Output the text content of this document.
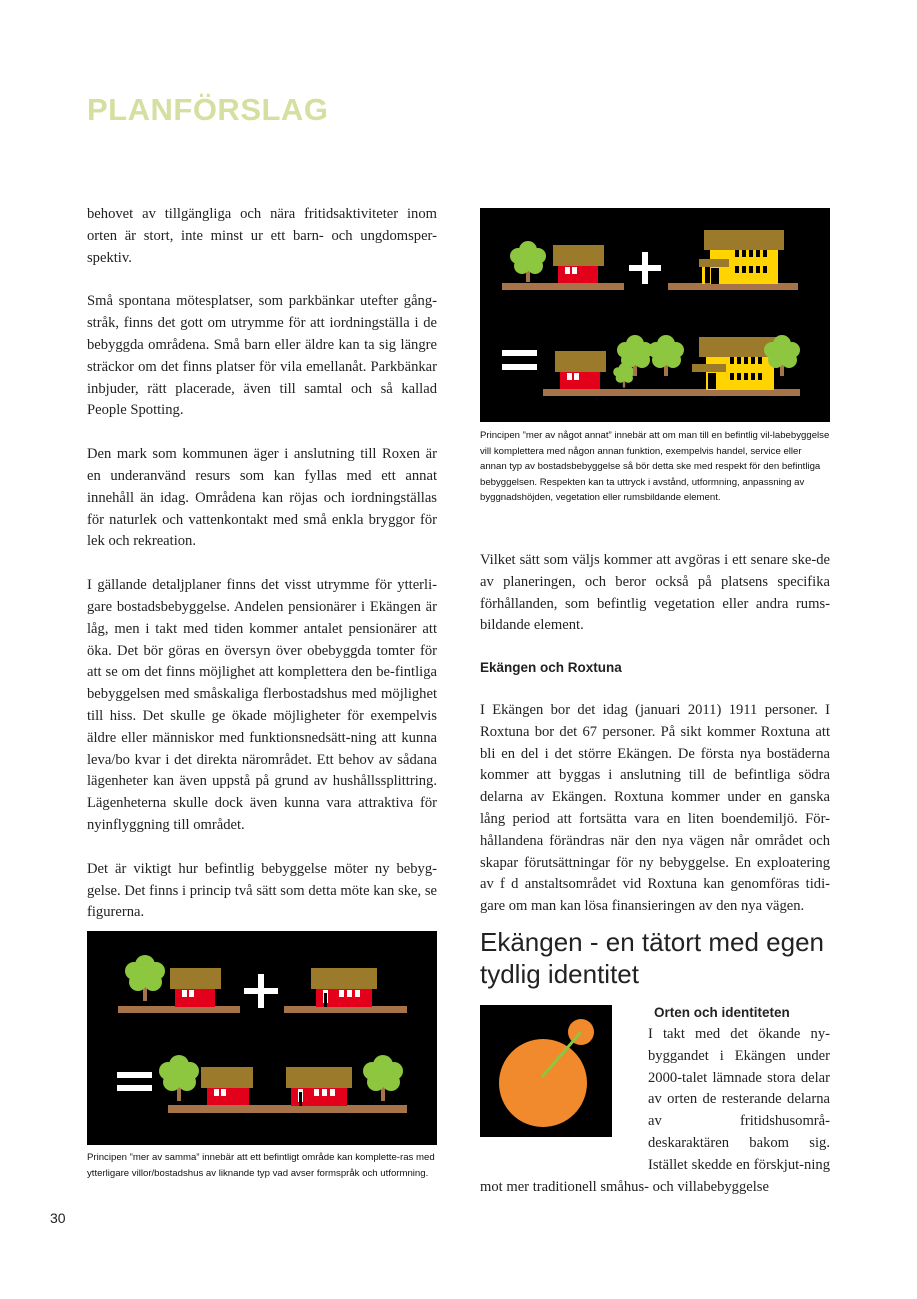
PLANFÖRSLAG

behovet av tillgängliga och nära fritidsaktiviteter inom orten är stort, inte minst ur ett barn- och ungdomsper-spektiv.

Små spontana mötesplatser, som parkbänkar utefter gång-stråk, finns det gott om utrymme för att iordningställa i de bebyggda områdena. Små barn eller äldre kan ta sig längre sträckor om det finns platser för vila emellanåt. Parkbänkar inbjuder, rätt placerade, även till samtal och så kallad People Spotting.

Den mark som kommunen äger i anslutning till Roxen är en underanvänd resurs som kan fyllas med ett annat innehåll än idag. Områdena kan röjas och iordningställas för naturlek och vattenkontakt med små enkla bryggor för lek och rekreation.

I gällande detaljplaner finns det visst utrymme för ytterli-gare bostadsbebyggelse. Andelen pensionärer i Ekängen är låg, men i takt med tiden kommer antalet pensionärer att öka. Det bör göras en översyn över obebyggda tomter för att se om det finns möjlighet att komplettera den be-fintliga bebyggelsen med småskaliga flerbostadshus med möjlighet till hiss. Det skulle ge ökade möjligheter för exempelvis äldre eller människor med funktionsnedsätt-ning att kunna leva/bo kvar i det direkta närområdet. Ett behov av sådana lägenheter kan även uppstå på grund av hushållssplittring. Lägenheterna skulle dock även kunna vara attraktiva för nyinflyggning till området.

Det är viktigt hur befintlig bebyggelse möter ny bebyg-gelse. Det finns i princip två sätt som detta möte kan ske, se figurerna.

Principen ”mer av något annat” innebär att om man till en befintlig vil-labebyggelse vill komplettera med någon annan funktion, exempelvis handel, service eller annan typ av bostadsbebyggelse så bör detta ske med respekt för den befintliga bebyggelsen. Respekten kan ta uttryck i avstånd, utformning, anpassning av byggnadshöjden, vegetation eller rumsbildande element.

Vilket sätt som väljs kommer att avgöras i ett senare ske-de av planeringen, och beror också på platsens specifika förhållanden, som befintlig vegetation eller andra rums-bildande element.

Ekängen och Roxtuna

I Ekängen bor det idag (januari 2011) 1911 personer. I Roxtuna bor det 67 personer. På sikt kommer Roxtuna att bli en del i det större Ekängen. De första nya bostäderna kommer att byggas i anslutning till de befintliga södra delarna av Ekängen. Roxtuna kommer under en ganska lång period att fortsätta vara en liten boendemiljö. För-hållandena förändras när den nya vägen når området och skapar förutsättningar för ny bebyggelse. En exploatering av f d anstaltsområdet vid Roxtuna kan genomföras tidi-gare om man kan lösa finansieringen av den nya vägen.

Ekängen - en tätort med egen tydlig identitet

Orten och identiteten

I takt med det ökande ny-byggandet i Ekängen under 2000-talet lämnade stora delar av orten de resterande delarna av fritidshusområ-deskaraktären bakom sig. Istället skedde en förskjut-ning mot mer traditionell småhus- och villabebyggelse
Principen ”mer av samma” innebär att ett befintligt område kan komplette-ras med ytterligare villor/bostadshus av liknande typ vad avser formspråk och utformning.
30
